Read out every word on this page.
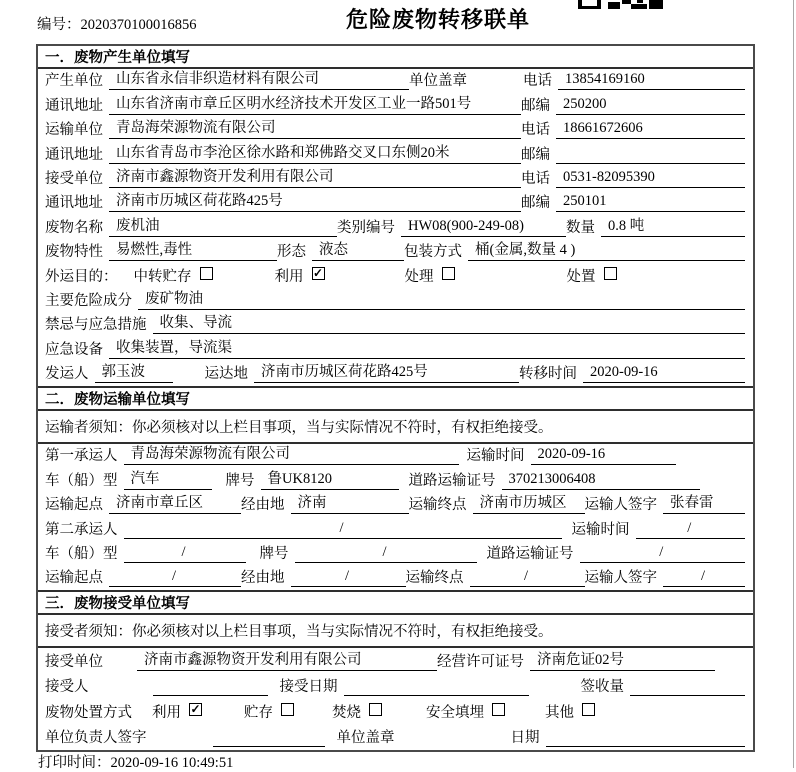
编号：2020370100016856	危险废物转移联单
一．废物产生单位填写
产生单位 山东省永信非织造材料有限公司	单位盖章	电话 13854169160
通讯地址 山东省济南市章丘区明水经济技术开发区工业一路501号	邮编 250200
运输单位 青岛海荣源物流有限公司	电话 18661672606
通讯地址 山东省青岛市李沧区徐水路和郑佛路交叉口东侧20米	邮编
接受单位 济南市鑫源物资开发利用有限公司	电话 0531-82095390
通讯地址 济南市历城区荷花路425号	邮编 250101
废物名称 废机油	类别编号 HW08(900-249-08)	数量 0.8 吨
废物特性 易燃性,毒性	形态 液态	包装方式 桶(金属,数量 4 )
外运目的：	中转贮存	利用 ✓	处理	处置
主要危险成分 废矿物油
禁忌与应急措施 收集、导流
应急设备 收集装置，导流渠
发运人 郭玉波	运达地 济南市历城区荷花路425号	转移时间 2020-09-16
二．废物运输单位填写
运输者须知：你必须核对以上栏目事项，当与实际情况不符时，有权拒绝接受。
第一承运人 青岛海荣源物流有限公司	运输时间 2020-09-16
车（船）型 汽车	牌号 鲁UK8120	道路运输证号 370213006408
运输起点 济南市章丘区	经由地 济南	运输终点 济南市历城区	运输人签字 张春雷
第二承运人	/	运输时间	/
车（船）型	/	牌号	/	道路运输证号	/
运输起点	/	经由地	/	运输终点	/	运输人签字	/
三．废物接受单位填写
接受者须知：你必须核对以上栏目事项，当与实际情况不符时，有权拒绝接受。
接受单位	济南市鑫源物资开发利用有限公司	经营许可证号 济南危证02号
接受人	接受日期	签收量
废物处置方式	利用 ✓	贮存	焚烧	安全填埋	其他
单位负责人签字	单位盖章	日期
打印时间：2020-09-16 10:49:51
